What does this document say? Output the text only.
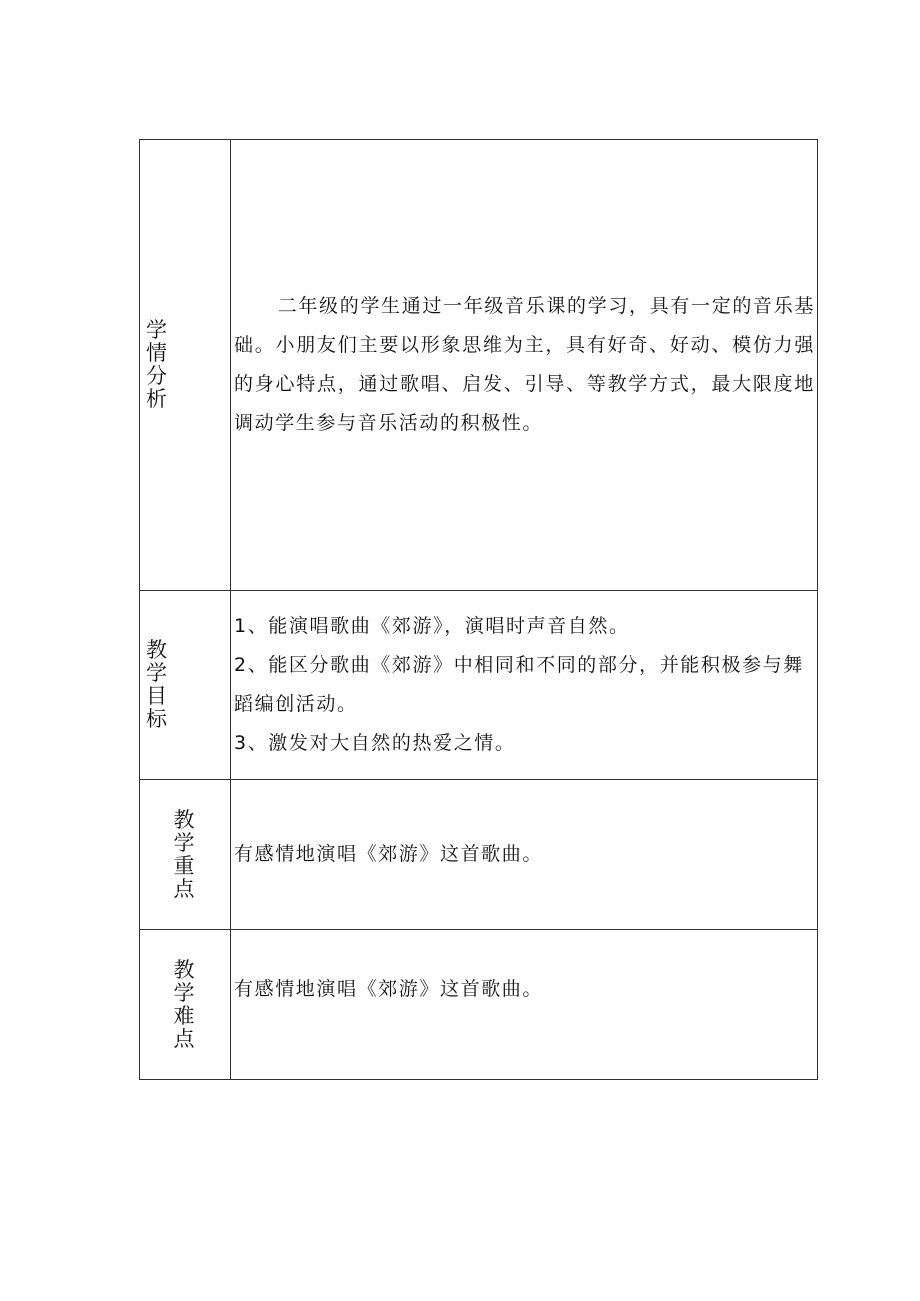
学情分析	二年级的学生通过一年级音乐课的学习，具有一定的音乐基础。小朋友们主要以形象思维为主，具有好奇、好动、模仿力强的身心特点，通过歌唱、启发、引导、等教学方式，最大限度地调动学生参与音乐活动的积极性。

教学目标	1、能演唱歌曲《郊游》，演唱时声音自然。
2、能区分歌曲《郊游》中相同和不同的部分，并能积极参与舞蹈编创活动。
3、激发对大自然的热爱之情。

教学重点	有感情地演唱《郊游》这首歌曲。

教学难点	有感情地演唱《郊游》这首歌曲。
